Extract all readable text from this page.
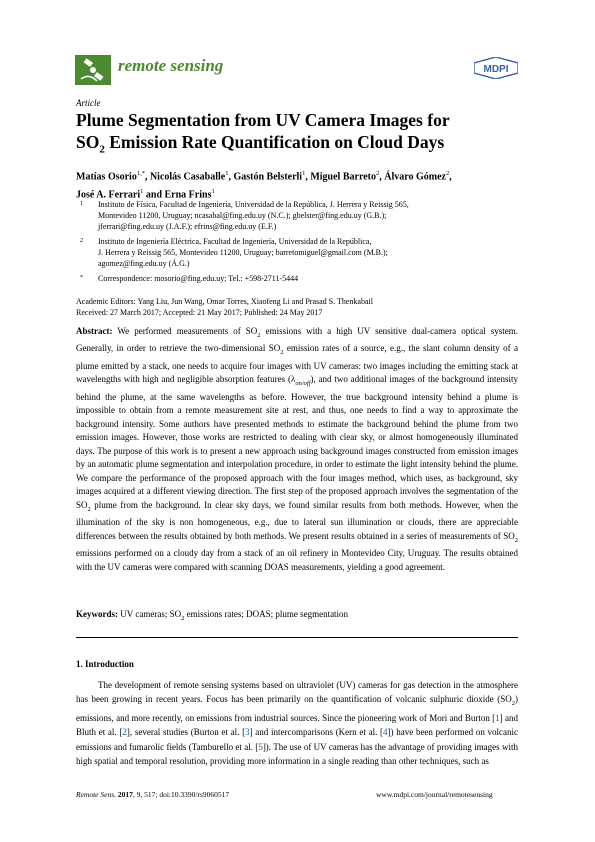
remote sensing	MDPI
Article
Plume Segmentation from UV Camera Images for
$SO_2$ Emission Rate Quantification on Cloud Days
Matías Osorio$^{1,*}$, Nicolás Casaballe$^1$, Gastón Belsterli$^1$, Miguel Barreto$^2$, Álvaro Gómez$^2$,
José A. Ferrari$^1$ and Erna Frins$^1$
1 Instituto de Física, Facultad de Ingeniería, Universidad de la República, J. Herrera y Reissig 565,
Montevideo 11200, Uruguay; ncasabal@fing.edu.uy (N.C.); gbelster@fing.edu.uy (G.B.);
jferrari@fing.edu.uy (J.A.F.); efrins@fing.edu.uy (E.F.)
2 Instituto de Ingeniería Eléctrica, Facultad de Ingeniería, Universidad de la República,
J. Herrera y Reissig 565, Montevideo 11200, Uruguay; barretomiguel@gmail.com (M.B.);
agomez@fing.edu.uy (Á.G.)
* Correspondence: mosorio@fing.edu.uy; Tel.: +598-2711-5444
Academic Editors: Yang Liu, Jun Wang, Omar Torres, Xiaofeng Li and Prasad S. Thenkabail
Received: 27 March 2017; Accepted: 21 May 2017; Published: 24 May 2017
Abstract: We performed measurements of $SO_2$ emissions with a high UV sensitive dual-camera optical system. Generally, in order to retrieve the two-dimensional $SO_2$ emission rates of a source, e.g., the slant column density of a plume emitted by a stack, one needs to acquire four images with UV cameras: two images including the emitting stack at wavelengths with high and negligible absorption features $(\lambda_{on/off})$, and two additional images of the background intensity behind the plume, at the same wavelengths as before. However, the true background intensity behind a plume is impossible to obtain from a remote measurement site at rest, and thus, one needs to find a way to approximate the background intensity. Some authors have presented methods to estimate the background behind the plume from two emission images. However, those works are restricted to dealing with clear sky, or almost homogeneously illuminated days. The purpose of this work is to present a new approach using background images constructed from emission images by an automatic plume segmentation and interpolation procedure, in order to estimate the light intensity behind the plume. We compare the performance of the proposed approach with the four images method, which uses, as background, sky images acquired at a different viewing direction. The first step of the proposed approach involves the segmentation of the $SO_2$ plume from the background. In clear sky days, we found similar results from both methods. However, when the illumination of the sky is non homogeneous, e.g., due to lateral sun illumination or clouds, there are appreciable differences between the results obtained by both methods. We present results obtained in a series of measurements of $SO_2$ emissions performed on a cloudy day from a stack of an oil refinery in Montevideo City, Uruguay. The results obtained with the UV cameras were compared with scanning DOAS measurements, yielding a good agreement.
Keywords: UV cameras; $SO_2$ emissions rates; DOAS; plume segmentation
1. Introduction
The development of remote sensing systems based on ultraviolet (UV) cameras for gas detection in the atmosphere has been growing in recent years. Focus has been primarily on the quantification of volcanic sulphuric dioxide $(SO_2)$ emissions, and more recently, on emissions from industrial sources. Since the pioneering work of Mori and Burton [1] and Bluth et al. [2], several studies (Burton et al. [3] and intercomparisons (Kern et al. [4]) have been performed on volcanic emissions and fumarolic fields (Tamburello et al. [5]). The use of UV cameras has the advantage of providing images with high spatial and temporal resolution, providing more information in a single reading than other techniques, such as
Remote Sens. 2017, 9, 517; doi:10.3390/rs9060517	www.mdpi.com/journal/remotesensing
